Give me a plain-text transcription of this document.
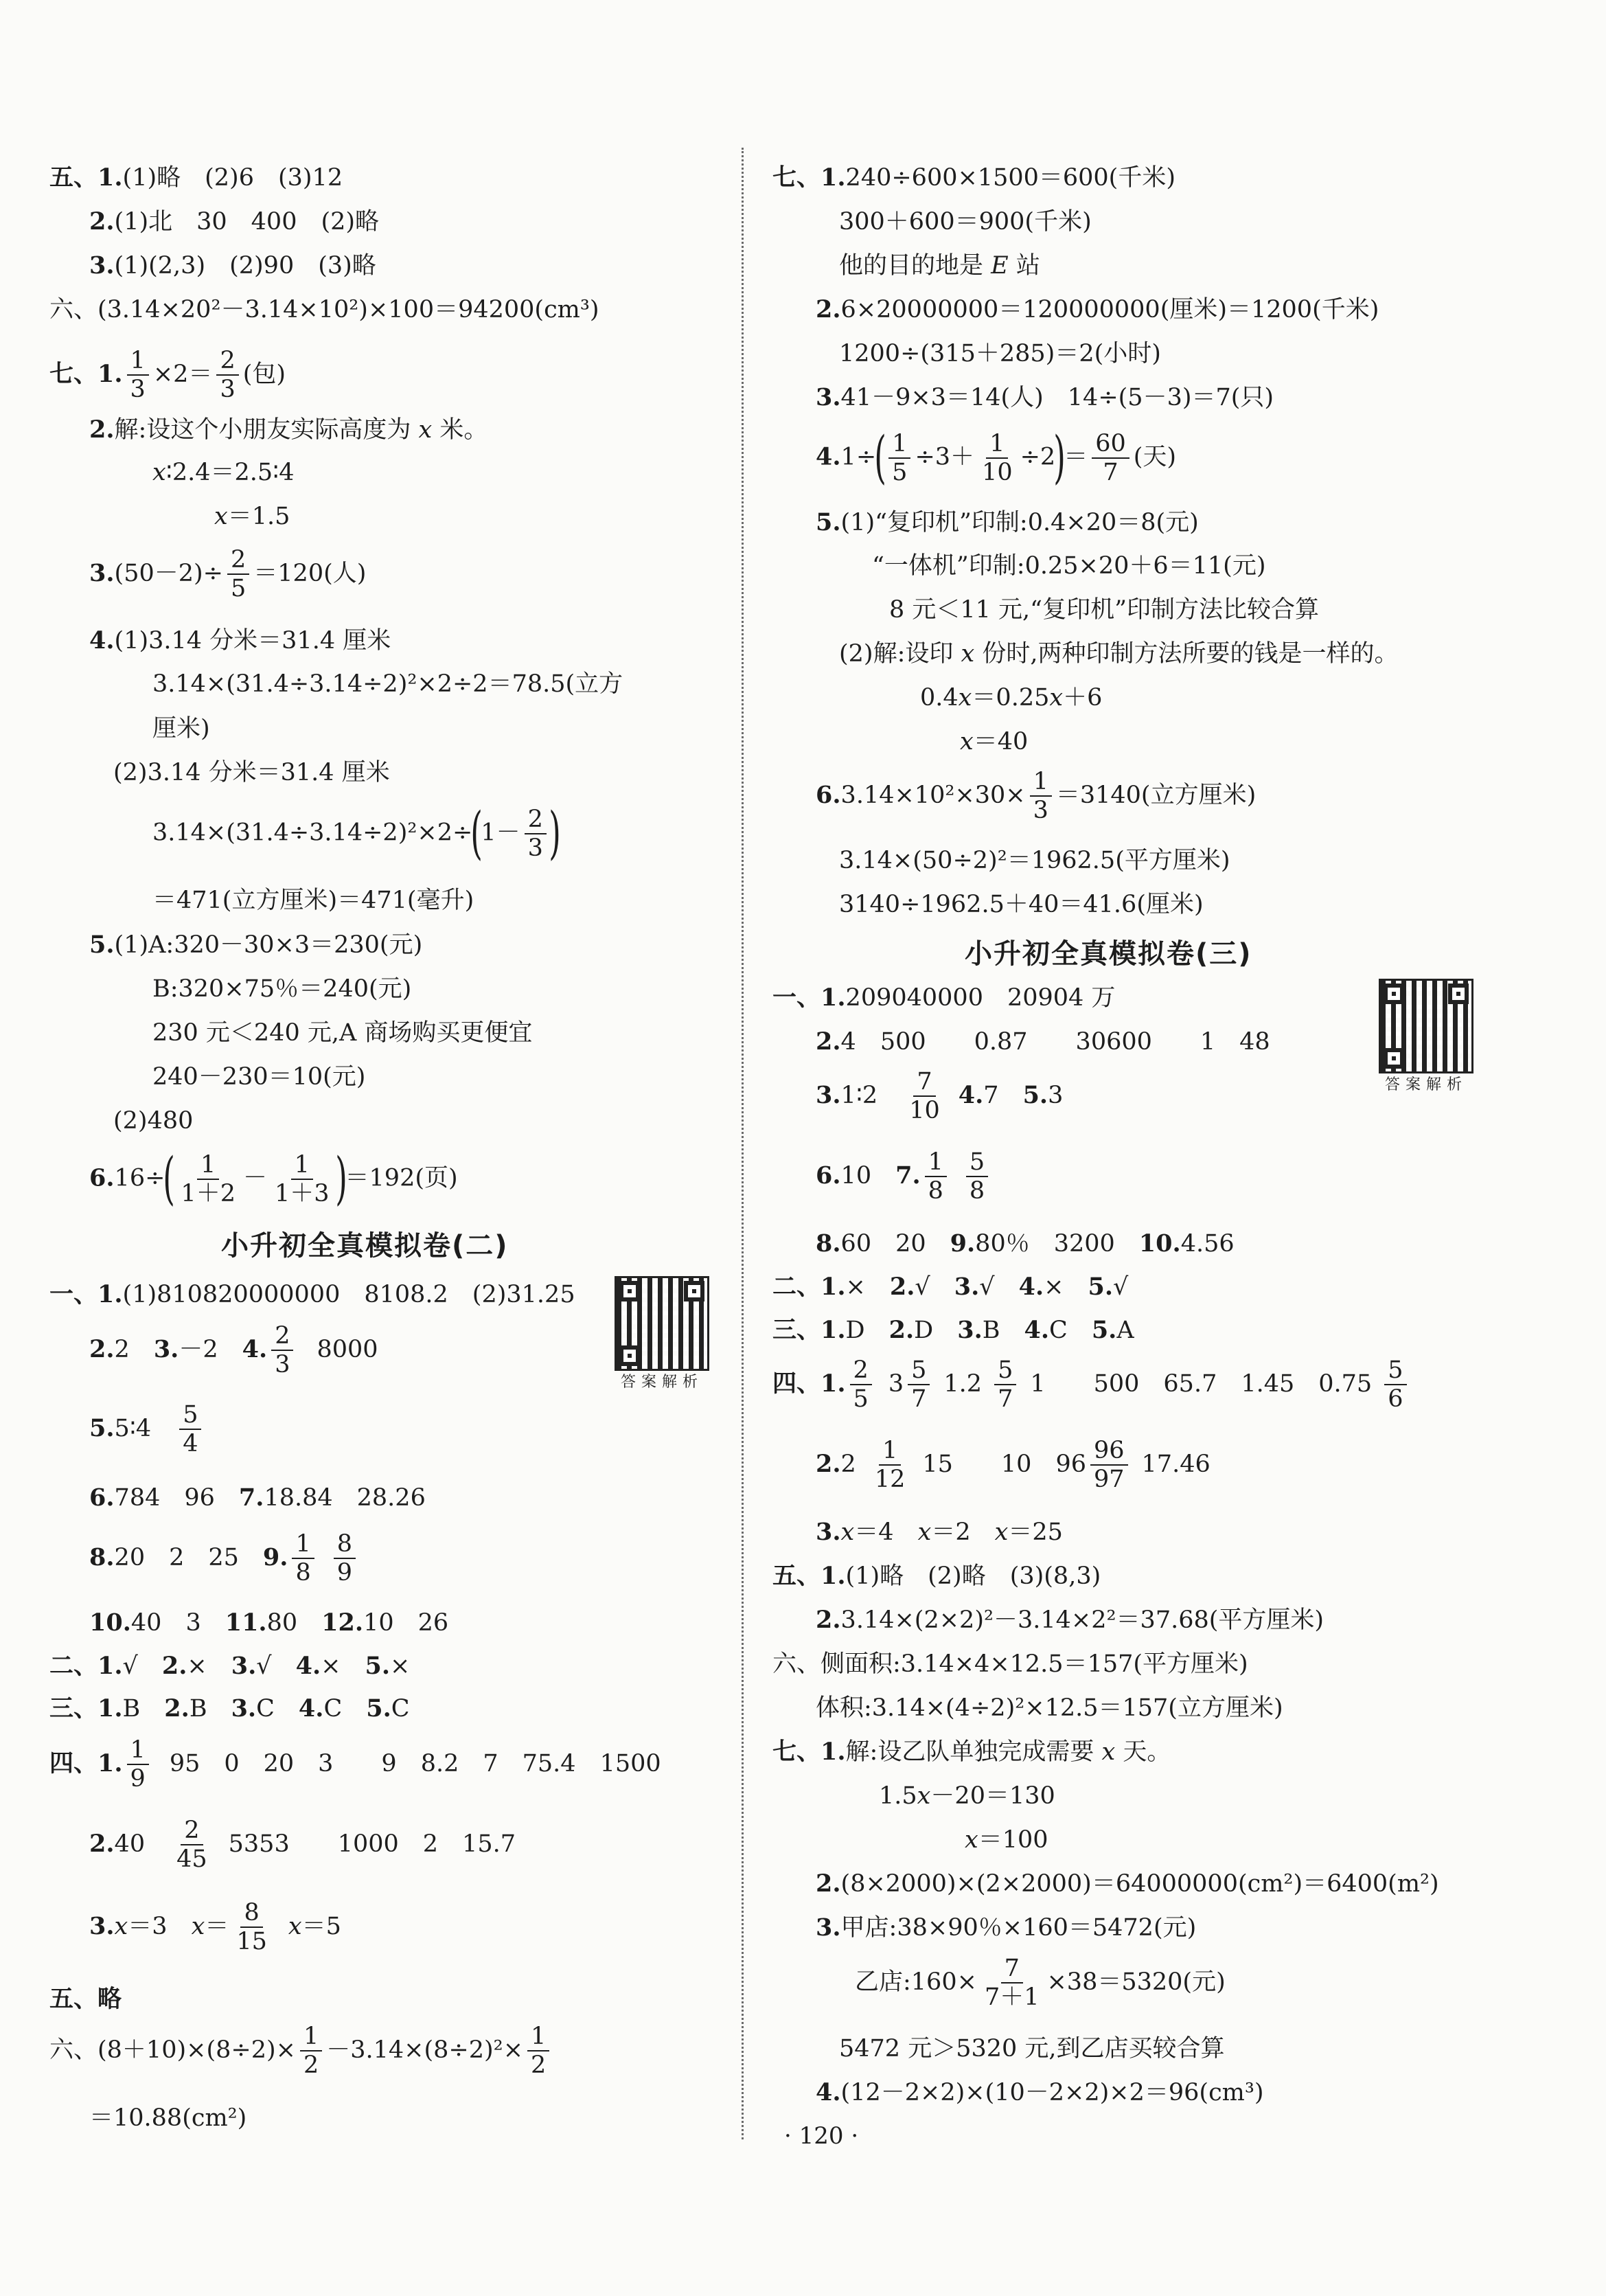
五、1.(1)略　(2)6　(3)12
2.(1)北　30　400　(2)略
3.(1)(2,3)　(2)90　(3)略
六、(3.14×20²－3.14×10²)×100＝94200(cm³)
七、1. $\frac{1}{3} \times 2= \frac{2}{3}$ (包)
2.解:设这个小朋友实际高度为 x 米。
x∶2.4＝2.5∶4
x＝1.5
$3.(50-2)\div \frac{2}{5} =120$(人)
4.(1)3.14 分米＝31.4 厘米
3.14×(31.4÷3.14÷2)²×2÷2＝78.5(立方
厘米)
(2)3.14 分米＝31.4 厘米
$3.14\times(31.4\div 3.14\div 2)^2\times 2\div(1- \frac{2}{3}$ )
＝471(立方厘米)＝471(毫升)
5.(1)A:320－30×3＝230(元)
B:320×75％＝240(元)
230 元＜240 元,A 商场购买更便宜
240－230＝10(元)
(2)480
$6.16\div( \frac{1}{1+2} - \frac{1}{1+3} )=192$(页)
小升初全真模拟卷(二)
一、1.(1)810820000000　8108.2　(2)31.25
答案解析
2.2　3.－2　4. $\frac{2}{3} 8000$
5.5∶4　 $\frac{5}{4}$
6.784　96　7.18.84　28.26
8.20　2　25　9. $\frac{1}{8} \frac{8}{9}$
10.40　3　11.80　12.10　26
二、1.√　2.×　3.√　4.×　5.×
三、1.B　2.B　3.C　4.C　5.C
四、1. $\frac{1}{9} 95$　0　20　3　　9　8.2　7　75.4　1500
2.40　 $\frac{2}{45} 5353$　　1000　2　15.7
3.x＝3　$x= \frac{8}{15} x=5$
五、略
六、$(8+10)\times(8\div 2)\times \frac{1}{2} -3.14\times(8\div 2)^2\times \frac{1}{2}$
＝10.88(cm²)
七、1.240÷600×1500＝600(千米)
300＋600＝900(千米)
他的目的地是 E 站
2.6×20000000＝120000000(厘米)＝1200(千米)
1200÷(315＋285)＝2(小时)
3.41－9×3＝14(人)　14÷(5－3)＝7(只)
$4.1\div( \frac{1}{5} \div 3+ \frac{1}{10} \div 2)= \frac{60}{7}$ (天)
5.(1)“复印机”印制:0.4×20＝8(元)
“一体机”印制:0.25×20＋6＝11(元)
8 元＜11 元,“复印机”印制方法比较合算
(2)解:设印 x 份时,两种印制方法所要的钱是一样的。
0.4x＝0.25x＋6
x＝40
$6.3.14\times 10^2\times 30\times \frac{1}{3} =3140$(立方厘米)
3.14×(50÷2)²＝1962.5(平方厘米)
3140÷1962.5＋40＝41.6(厘米)
小升初全真模拟卷(三)
答案解析
一、1.209040000　20904 万
2.4　500　　0.87　　30600　　1　48
3.1∶2　 $\frac{7}{10} 4.7$　5.3
6.10　7. $\frac{1}{8} \frac{5}{8}$
8.60　20　9.80％　3200　10.4.56
二、1.×　2.√　3.√　4.×　5.√
三、1.D　2.D　3.B　4.C　5.A
四、1. $\frac{2}{5} 3 \frac{5}{7} 1.2 \frac{5}{7} 1$　　500　65.7　1.45　$0.75 \frac{5}{6}$
$2.2 \frac{1}{12} 15$　　10　$96 \frac{96}{97} 17.46$
3.x＝4　x＝2　x＝25
五、1.(1)略　(2)略　(3)(8,3)
2.3.14×(2×2)²－3.14×2²＝37.68(平方厘米)
六、侧面积:3.14×4×12.5＝157(平方厘米)
体积:3.14×(4÷2)²×12.5＝157(立方厘米)
七、1.解:设乙队单独完成需要 x 天。
1.5x－20＝130
x＝100
2.(8×2000)×(2×2000)＝64000000(cm²)＝6400(m²)
3.甲店:38×90％×160＝5472(元)
乙店:160× $\frac{7}{7+1} \times 38=5320$(元)
5472 元＞5320 元,到乙店买较合算
4.(12－2×2)×(10－2×2)×2＝96(cm³)
· 120 ·
